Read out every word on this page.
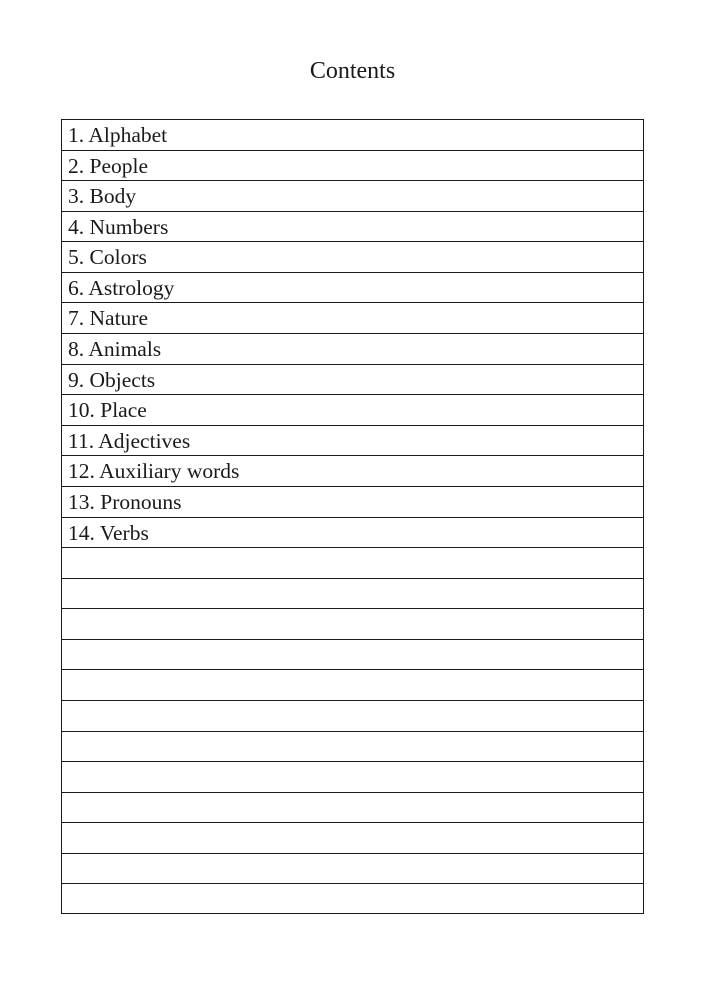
Contents
1. Alphabet
2. People
3. Body
4. Numbers
5. Colors
6. Astrology
7. Nature
8. Animals
9. Objects
10. Place
11. Adjectives
12. Auxiliary words
13. Pronouns
14. Verbs
